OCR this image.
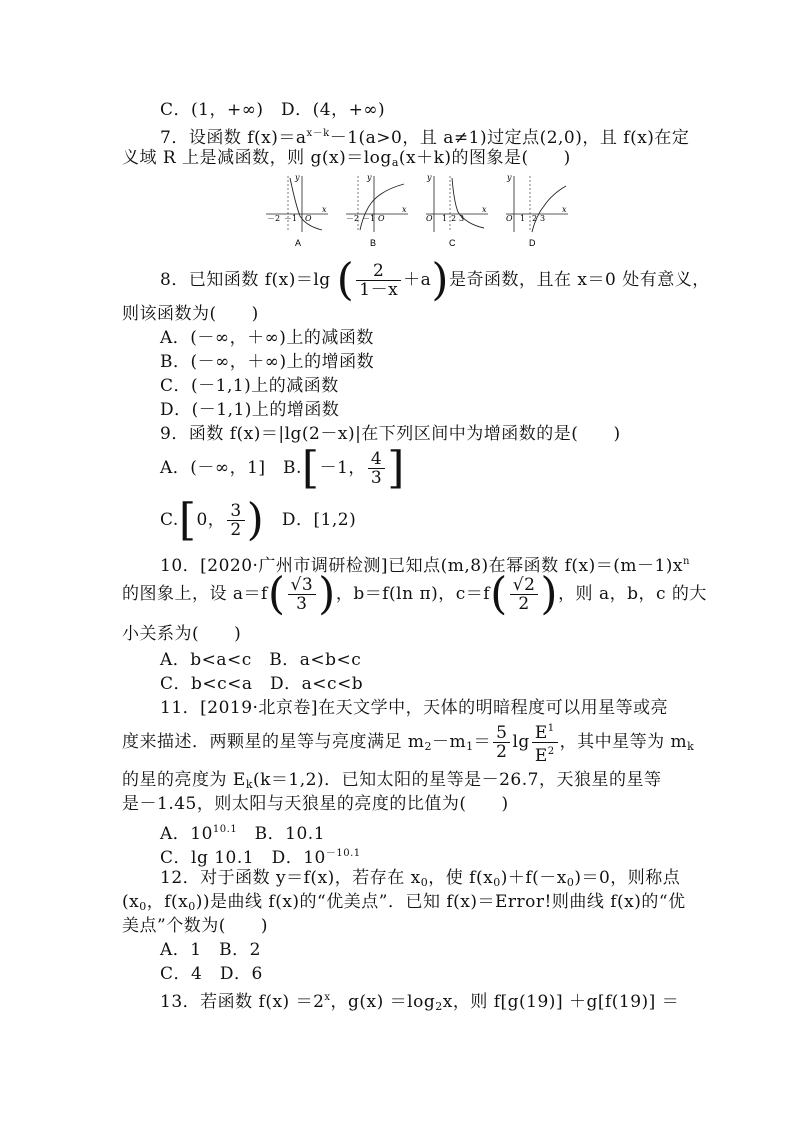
C．(1，+∞)　D．(4，+∞)
7．设函数 $f(x)=a^{x-k}-1(a>0$，且 a≠1)过定点(2,0)，且 f(x)在定
义域 R 上是减函数，则 $g(x)=\log_a(x+k)$的图象是(　　)
－2 －1 O
x
y
A
－2 －1 O
x
y
B
O 1 2 3
x
y
C
O 1 2 3
x
y
D
8．已知函数 f(x)＝lg ( $\frac{2}{1-x} +a$)是奇函数，且在 x＝0 处有意义，
则该函数为(　　)
A．(－∞，＋∞)上的减函数
B．(－∞，＋∞)上的增函数
C．(－1,1)上的减函数
D．(－1,1)上的增函数
9．函数 f(x)＝|lg(2－x)|在下列区间中为增函数的是(　　)
A．(－∞，1]　B.[－1， $\frac{4}{3}$ ]
C.[0， $\frac{3}{2}$ )　 D．[1,2)
10．[2020·广州市调研检测]已知点(m,8)在幂函数 $f(x)=(m-1)x^n$
的图象上，设 $a=f( \frac{√3}{3}$ )，b＝f(ln π)，$c=f( \frac{√2}{2}$ )，则 a，b，c 的大
小关系为(　　)
A．b<a<c　B．a<b<c
C．b<c<a　D．a<c<b
11．[2019·北京卷]在天文学中，天体的明暗程度可以用星等或亮
度来描述．两颗星的星等与亮度满足 $m_2-m_1= \frac{5}{2}$ $\lg \frac{E^1}{E^2}$ ，其中星等为 $m_k$
的星的亮度为 $E_k(k=1,2)$．已知太阳的星等是－26.7，天狼星的星等
是－1.45，则太阳与天狼星的亮度的比值为(　　)
A．$10^{10.1}$　B．10.1
C．lg 10.1　D．$10^{-10.1}$
12．对于函数 y＝f(x)，若存在 $x_0$，使 $f(x_0)+f(-x_0)=0$，则称点
($x_0$，$f(x_0)$)是曲线 f(x)的“优美点”．已知 f(x)＝Error!则曲线 f(x)的“优
美点”个数为(　　)
A．1　B．2
C．4　D．6
13．若函数 $f(x) =2^x$，$g(x) =\log_2x$，则 f[g(19)] ＋g[f(19)] ＝
